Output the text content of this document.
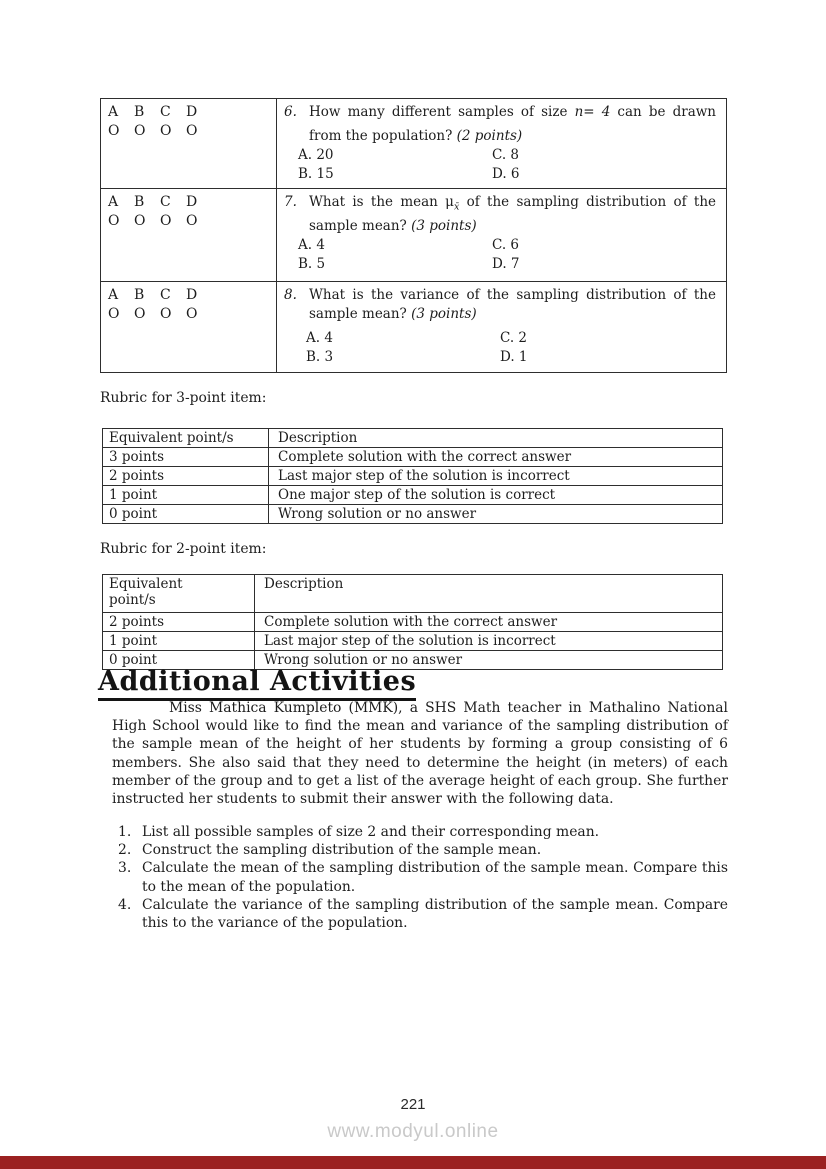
A	B	C	D
O	O	O	O
6. How many different samples of size n= 4 can be drawn from the population? (2 points)
A. 20	C. 8
B. 15	D. 6
A	B	C	D
O	O	O	O
7. What is the mean $\mu_{x̄}$ of the sampling distribution of the sample mean? (3 points)
A. 4	C. 6
B. 5	D. 7
A	B	C	D
O	O	O	O
8. What is the variance of the sampling distribution of the sample mean? (3 points)
A. 4	C. 2
B. 3	D. 1
Rubric for 3-point item:
Equivalent point/s	Description
3 points	Complete solution with the correct answer
2 points	Last major step of the solution is incorrect
1 point	One major step of the solution is correct
0 point	Wrong solution or no answer
Rubric for 2-point item:
Equivalent
point/s	Description
2 points	Complete solution with the correct answer
1 point	Last major step of the solution is incorrect
0 point	Wrong solution or no answer
Additional Activities
Miss Mathica Kumpleto (MMK), a SHS Math teacher in Mathalino National High School would like to find the mean and variance of the sampling distribution of the sample mean of the height of her students by forming a group consisting of 6 members. She also said that they need to determine the height (in meters) of each member of the group and to get a list of the average height of each group. She further instructed her students to submit their answer with the following data.
1. List all possible samples of size 2 and their corresponding mean.
2. Construct the sampling distribution of the sample mean.
3. Calculate the mean of the sampling distribution of the sample mean. Compare this to the mean of the population.
4. Calculate the variance of the sampling distribution of the sample mean. Compare this to the variance of the population.
221
www.modyul.online
